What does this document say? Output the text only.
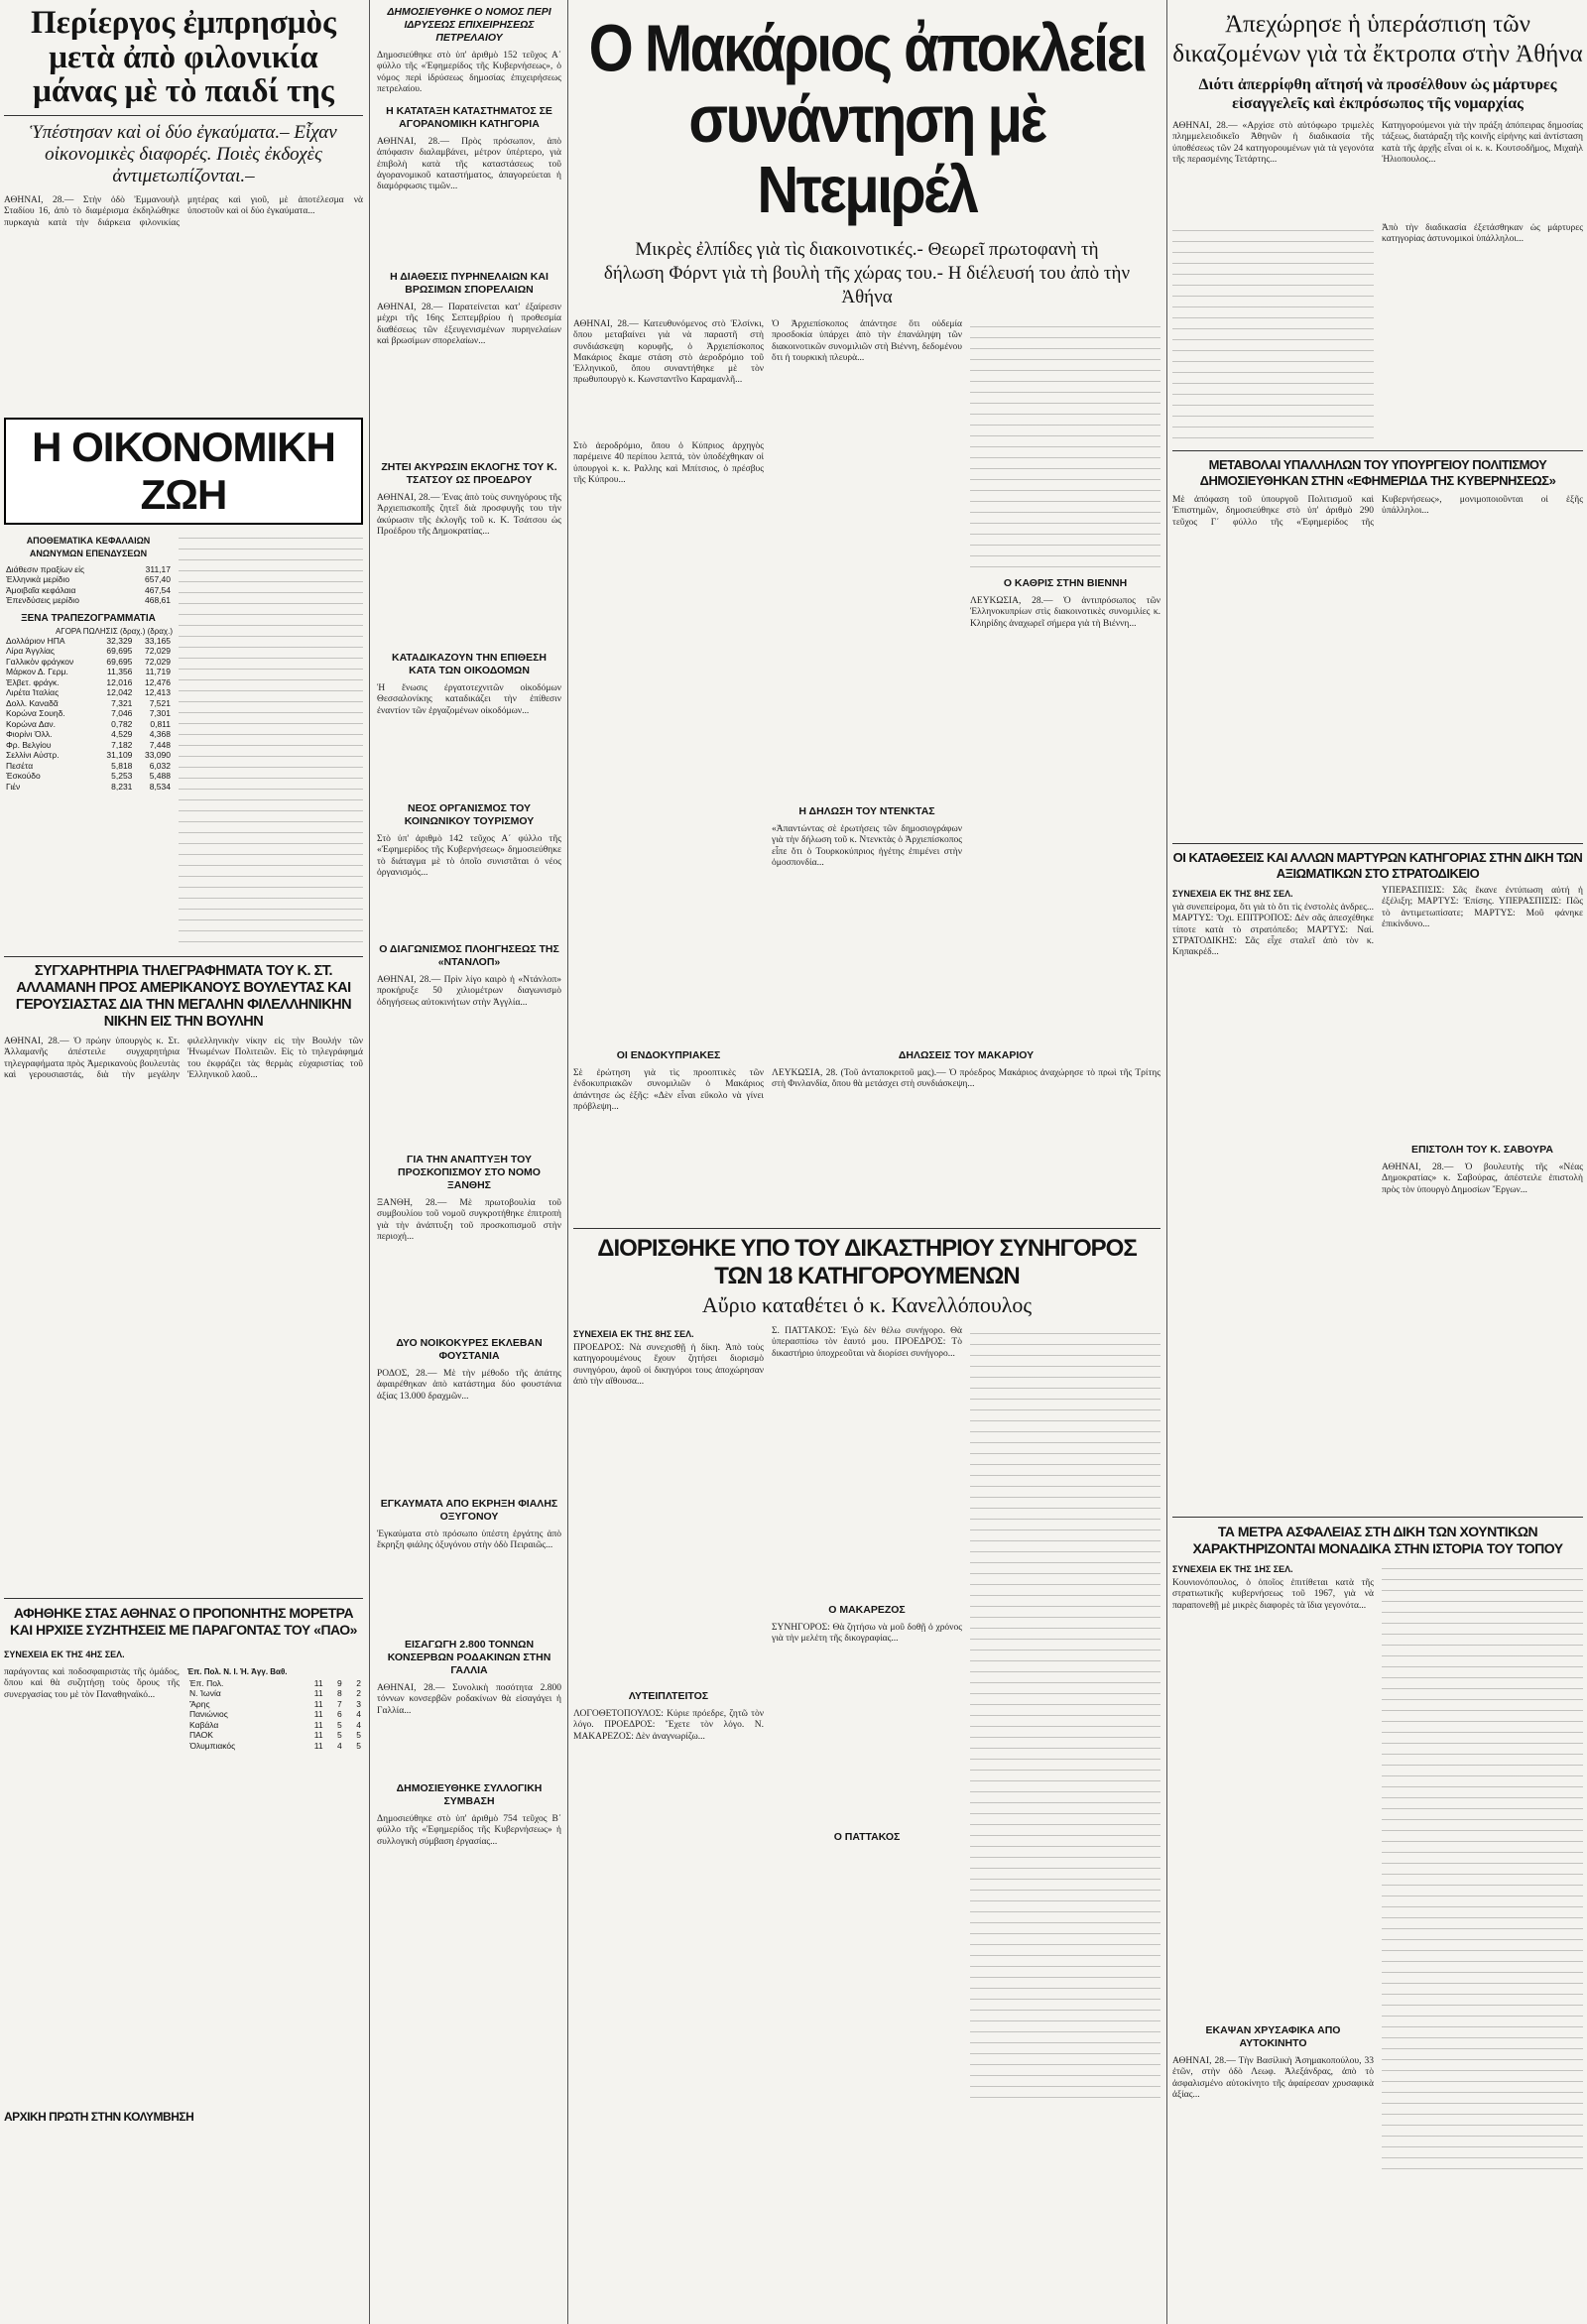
Περίεργος ἐμπρησμὸς μετὰ ἀπὸ φιλονικία μάνας μὲ τὸ παιδί της
Ὑπέστησαν καὶ οἱ δύο ἐγκαύματα.– Εἶχαν οἰκονομικὲς διαφορές. Ποιὲς ἐκδοχὲς ἀντιμετωπίζονται.–
ΑΘΗΝΑΙ, 28.— Στὴν ὁδὸ Ἐμμανουὴλ Σταδίου 16, ἀπὸ τὸ διαμέρισμα ἐκδηλώθηκε πυρκαγιὰ κατὰ τὴν διάρκεια φιλονικίας μητέρας καὶ γιοῦ, μὲ ἀποτέλεσμα νὰ ὑποστοῦν καὶ οἱ δύο ἐγκαύματα...
Η ΟΙΚΟΝΟΜΙΚΗ ΖΩΗ
ΑΠΟΘΕΜΑΤΙΚΑ ΚΕΦΑΛΑΙΩΝ ΑΝΩΝΥΜΩΝ ΕΠΕΝΔΥΣΕΩΝ
Διάθεσιν πραξίων εἰς	311,17
Ἑλληνικὰ μερίδιο	657,40
Ἀμοιβαῖα κεφάλαια	467,54
Ἐπενδύσεις μερίδιο	468,61
ΞΕΝΑ ΤΡΑΠΕΖΟΓΡΑΜΜΑΤΙΑ
ΑΓΟΡΑ ΠΩΛΗΣΙΣ (δραχ.) (δραχ.)
Δολλάριον ΗΠΑ	32,329	33,165
Λίρα Ἀγγλίας	69,695	72,029
Γαλλικὸν φράγκον	69,695	72,029
Μάρκον Δ. Γερμ.	11,356	11,719
Ἑλβετ. φράγκ.	12,016	12,476
Λιρέτα Ἰταλίας	12,042	12,413
Δολλ. Καναδᾶ	7,321	7,521
Κορώνα Σουηδ.	7,046	7,301
Κορώνα Δαν.	0,782	0,811
Φιορίνι Ὁλλ.	4,529	4,368
Φρ. Βελγίου	7,182	7,448
Σελλίνι Αὐστρ.	31,109	33,090
Πεσέτα	5,818	6,032
Ἐσκούδο	5,253	5,488
Γιέν	8,231	8,534
ΣΥΓΧΑΡΗΤΗΡΙΑ ΤΗΛΕΓΡΑΦΗΜΑΤΑ ΤΟΥ Κ. ΣΤ. ΑΛΛΑΜΑΝΗ ΠΡΟΣ ΑΜΕΡΙΚΑΝΟΥΣ ΒΟΥΛΕΥΤΑΣ ΚΑΙ ΓΕΡΟΥΣΙΑΣΤΑΣ ΔΙΑ ΤΗΝ ΜΕΓΑΛΗΝ ΦΙΛΕΛΛΗΝΙΚΗΝ ΝΙΚΗΝ ΕΙΣ ΤΗΝ ΒΟΥΛΗΝ
ΑΘΗΝΑΙ, 28.— Ὁ πρώην ὑπουργὸς κ. Στ. Ἀλλαμανῆς ἀπέστειλε συγχαρητήρια τηλεγραφήματα πρὸς Ἀμερικανοὺς βουλευτὰς καὶ γερουσιαστάς, διὰ τὴν μεγάλην φιλελληνικὴν νίκην εἰς τὴν Βουλήν τῶν Ἡνωμένων Πολιτειῶν. Εἰς τὸ τηλεγράφημά του ἐκφράζει τὰς θερμὰς εὐχαριστίας τοῦ Ἑλληνικοῦ λαοῦ...
ΑΦΗΘΗΚΕ ΣΤΑΣ ΑΘΗΝΑΣ Ο ΠΡΟΠΟΝΗΤΗΣ ΜΟΡΕΤΡΑ ΚΑΙ ΗΡΧΙΣΕ ΣΥΖΗΤΗΣΕΙΣ ΜΕ ΠΑΡΑΓΟΝΤΑΣ ΤΟΥ «ΠΑΟ»
ΣΥΝΕΧΕΙΑ ΕΚ ΤΗΣ 4ΗΣ ΣΕΛ.
παράγοντας καὶ ποδοσφαιριστὰς τῆς ὁμάδος, ὅπου καὶ θὰ συζητήσῃ τοὺς ὅρους τῆς συνεργασίας του μὲ τὸν Παναθηναϊκό...
Ἐπ. Πολ. Ν. Ι. Ἡ. Ἀγγ. Βαθ.
Ἐπ. Πολ.	11	9	2
Ν. Ἰωνία	11	8	2
Ἄρης	11	7	3
Πανιώνιος	11	6	4
Καβάλα	11	5	4
ΠΑΟΚ	11	5	5
Ὀλυμπιακός	11	4	5
ΑΡΧΙΚΗ ΠΡΩΤΗ ΣΤΗΝ ΚΟΛΥΜΒΗΣΗ
ΔΗΜΟΣΙΕΥΘΗΚΕ Ο ΝΟΜΟΣ ΠΕΡΙ ΙΔΡΥΣΕΩΣ ΕΠΙΧΕΙΡΗΣΕΩΣ ΠΕΤΡΕΛΑΙΟΥ
Δημοσιεύθηκε στὸ ὑπ' ἀριθμὸ 152 τεῦχος Α΄ φύλλο τῆς «Ἐφημερίδος τῆς Κυβερνήσεως», ὁ νόμος περὶ ἱδρύσεως δημοσίας ἐπιχειρήσεως πετρελαίου.
Η ΚΑΤΑΤΑΞΗ ΚΑΤΑΣΤΗΜΑΤΟΣ ΣΕ ΑΓΟΡΑΝΟΜΙΚΗ ΚΑΤΗΓΟΡΙΑ
ΑΘΗΝΑΙ, 28.— Πρὸς πρόσωπον, ἀπὸ ἀπόφασιν διαλαμβάνει, μέτρον ὑπέρτερο, γιὰ ἐπιβολὴ κατὰ τῆς καταστάσεως τοῦ ἀγορανομικοῦ καταστήματος, ἀπαγορεύεται ἡ διαμόρφωσις τιμῶν...
Η ΔΙΑΘΕΣΙΣ ΠΥΡΗΝΕΛΑΙΩΝ ΚΑΙ ΒΡΩΣΙΜΩΝ ΣΠΟΡΕΛΑΙΩΝ
ΑΘΗΝΑΙ, 28.— Παρατείνεται κατ' ἐξαίρεσιν μέχρι τῆς 16ης Σεπτεμβρίου ἡ προθεσμία διαθέσεως τῶν ἐξευγενισμένων πυρηνελαίων καὶ βρωσίμων σπορελαίων...
ΖΗΤΕΙ ΑΚΥΡΩΣΙΝ ΕΚΛΟΓΗΣ ΤΟΥ Κ. ΤΣΑΤΣΟΥ ΩΣ ΠΡΟΕΔΡΟΥ
ΑΘΗΝΑΙ, 28.— Ἐνας ἀπὸ τοὺς συνηγόρους τῆς Ἀρχιεπισκοπῆς ζητεῖ διὰ προσφυγῆς του τὴν ἀκύρωσιν τῆς ἐκλογῆς τοῦ κ. Κ. Τσάτσου ὡς Προέδρου τῆς Δημοκρατίας...
ΚΑΤΑΔΙΚΑΖΟΥΝ ΤΗΝ ΕΠΙΘΕΣΗ ΚΑΤΑ ΤΩΝ ΟΙΚΟΔΟΜΩΝ
Ἡ ἕνωσις ἐργατοτεχνιτῶν οἰκοδόμων Θεσσαλονίκης καταδικάζει τὴν ἐπίθεσιν ἐναντίον τῶν ἐργαζομένων οἰκοδόμων...
ΝΕΟΣ ΟΡΓΑΝΙΣΜΟΣ ΤΟΥ ΚΟΙΝΩΝΙΚΟΥ ΤΟΥΡΙΣΜΟΥ
Στὸ ὑπ' ἀριθμὸ 142 τεῦχος Α΄ φύλλο τῆς «Ἐφημερίδος τῆς Κυβερνήσεως» δημοσιεύθηκε τὸ διάταγμα μὲ τὸ ὁποῖο συνιστᾶται ὁ νέος ὀργανισμός...
Ο ΔΙΑΓΩΝΙΣΜΟΣ ΠΛΟΗΓΗΣΕΩΣ ΤΗΣ «ΝΤΑΝΛΟΠ»
ΑΘΗΝΑΙ, 28.— Πρὶν λίγο καιρὸ ἡ «Ντάνλοπ» προκήρυξε 50 χιλιομέτρων διαγωνισμὸ ὁδηγήσεως αὐτοκινήτων στὴν Ἀγγλία...
ΓΙΑ ΤΗΝ ΑΝΑΠΤΥΞΗ ΤΟΥ ΠΡΟΣΚΟΠΙΣΜΟΥ ΣΤΟ ΝΟΜΟ ΞΑΝΘΗΣ
ΞΑΝΘΗ, 28.— Μὲ πρωτοβουλία τοῦ συμβουλίου τοῦ νομοῦ συγκροτήθηκε ἐπιτροπὴ γιὰ τὴν ἀνάπτυξη τοῦ προσκοπισμοῦ στὴν περιοχή...
ΔΥΟ ΝΟΙΚΟΚΥΡΕΣ ΕΚΛΕΒΑΝ ΦΟΥΣΤΑΝΙΑ
ΡΟΔΟΣ, 28.— Μὲ τὴν μέθοδο τῆς ἀπάτης ἀφαιρέθηκαν ἀπὸ κατάστημα δύο φουστάνια ἀξίας 13.000 δραχμῶν...
ΕΓΚΑΥΜΑΤΑ ΑΠΟ ΕΚΡΗΞΗ ΦΙΑΛΗΣ ΟΞΥΓΟΝΟΥ
Ἐγκαύματα στὸ πρόσωπο ὑπέστη ἐργάτης ἀπὸ ἔκρηξη φιάλης ὀξυγόνου στὴν ὁδὸ Πειραιῶς...
ΕΙΣΑΓΩΓΗ 2.800 ΤΟΝΝΩΝ ΚΟΝΣΕΡΒΩΝ ΡΟΔΑΚΙΝΩΝ ΣΤΗΝ ΓΑΛΛΙΑ
ΑΘΗΝΑΙ, 28.— Συνολικὴ ποσότητα 2.800 τόννων κονσερβῶν ροδακίνων θὰ εἰσαγάγει ἡ Γαλλία...
ΔΗΜΟΣΙΕΥΘΗΚΕ ΣΥΛΛΟΓΙΚΗ ΣΥΜΒΑΣΗ
Δημοσιεύθηκε στὸ ὑπ' ἀριθμὸ 754 τεῦχος Β΄ φύλλο τῆς «Ἐφημερίδος τῆς Κυβερνήσεως» ἡ συλλογικὴ σύμβαση ἐργασίας...
Ο Μακάριος ἀποκλείει συνάντηση μὲ Ντεμιρέλ
Μικρὲς ἐλπίδες γιὰ τὶς διακοινοτικές.- Θεωρεῖ πρωτοφανὴ τὴ δήλωση Φόρντ γιὰ τὴ βουλὴ τῆς χώρας του.- Η διέλευσή του ἀπὸ τὴν Ἀθήνα
ΑΘΗΝΑΙ, 28.— Κατευθυνόμενος στὸ Ἑλσίνκι, ὅπου μεταβαίνει γιὰ νὰ παραστῆ στὴ συνδιάσκεψη κορυφῆς, ὁ Ἀρχιεπίσκοπος Μακάριος ἔκαμε στάση στὸ ἀεροδρόμιο τοῦ Ἑλληνικοῦ, ὅπου συναντήθηκε μὲ τὸν πρωθυπουργὸ κ. Κωνσταντῖνο Καραμανλῆ...
Στὸ ἀεροδρόμιο, ὅπου ὁ Κύπριος ἀρχηγὸς παρέμεινε 40 περίπου λεπτά, τὸν ὑποδέχθηκαν οἱ ὑπουργοὶ κ. κ. Ραλλης καὶ Μπίτσιος, ὁ πρέσβυς τῆς Κύπρου...
Ὁ Ἀρχιεπίσκοπος ἀπάντησε ὅτι οὐδεμία προσδοκία ὑπάρχει ἀπὸ τὴν ἐπανάληψη τῶν διακοινοτικῶν συνομιλιῶν στὴ Βιέννη, δεδομένου ὅτι ἡ τουρκικὴ πλευρὰ...
Η ΔΗΛΩΣΗ ΤΟΥ ΝΤΕΝΚΤΑΣ
«Ἀπαντώντας σὲ ἐρωτήσεις τῶν δημοσιογράφων γιὰ τὴν δήλωση τοῦ κ. Ντενκτὰς ὁ Ἀρχιεπίσκοπος εἶπε ὅτι ὁ Τουρκοκύπριος ἡγέτης ἐπιμένει στὴν ὁμοσπονδία...
Ο ΚΑΘΡΙΣ ΣΤΗΝ ΒΙΕΝΝΗ
ΛΕΥΚΩΣΙΑ, 28.— Ὁ ἀντιπρόσωπος τῶν Ἑλληνοκυπρίων στὶς διακοινοτικὲς συνομιλίες κ. Κληρίδης ἀναχωρεῖ σήμερα γιὰ τὴ Βιέννη...
ΟΙ ΕΝΔΟΚΥΠΡΙΑΚΕΣ
Σὲ ἐρώτηση γιὰ τὶς προοπτικὲς τῶν ἐνδοκυπριακῶν συνομιλιῶν ὁ Μακάριος ἀπάντησε ὡς ἑξῆς: «Δὲν εἶναι εὔκολο νὰ γίνει πρόβλεψη...
ΔΗΛΩΣΕΙΣ ΤΟΥ ΜΑΚΑΡΙΟΥ
ΛΕΥΚΩΣΙΑ, 28. (Τοῦ ἀνταποκριτοῦ μας).— Ὁ πρόεδρος Μακάριος ἀναχώρησε τὸ πρωὶ τῆς Τρίτης στὴ Φινλανδία, ὅπου θὰ μετάσχει στὴ συνδιάσκεψη...
ΔΙΟΡΙΣΘΗΚΕ ΥΠΟ ΤΟΥ ΔΙΚΑΣΤΗΡΙΟΥ ΣΥΝΗΓΟΡΟΣ ΤΩΝ 18 ΚΑΤΗΓΟΡΟΥΜΕΝΩΝ
Αὔριο καταθέτει ὁ κ. Κανελλόπουλος
ΣΥΝΕΧΕΙΑ ΕΚ ΤΗΣ 8ΗΣ ΣΕΛ.
ΠΡΟΕΔΡΟΣ: Νὰ συνεχισθῇ ἡ δίκη. Ἀπὸ τοὺς κατηγορουμένους ἔχουν ζητήσει διορισμὸ συνηγόρου, ἀφοῦ οἱ δικηγόροι τους ἀποχώρησαν ἀπὸ τὴν αἴθουσα...
ΛΥΤΕΙΠΛΤΕΙΤΟΣ
ΛΟΓΟΘΕΤΟΠΟΥΛΟΣ: Κύριε πρόεδρε, ζητῶ τὸν λόγο. ΠΡΟΕΔΡΟΣ: Ἔχετε τὸν λόγο. Ν. ΜΑΚΑΡΕΖΟΣ: Δὲν ἀναγνωρίζω...
Σ. ΠΑΤΤΑΚΟΣ: Ἐγὼ δὲν θέλω συνήγορο. Θὰ ὑπερασπίσω τὸν ἑαυτό μου. ΠΡΟΕΔΡΟΣ: Τὸ δικαστήριο ὑποχρεοῦται νὰ διορίσει συνήγορο...
Ο ΜΑΚΑΡΕΖΟΣ
ΣΥΝΗΓΟΡΟΣ: Θὰ ζητήσω νὰ μοῦ δοθῇ ὁ χρόνος γιὰ τὴν μελέτη τῆς δικογραφίας...
Ο ΠΑΤΤΑΚΟΣ
Ἀπεχώρησε ἡ ὑπεράσπιση τῶν δικαζομένων γιὰ τὰ ἔκτροπα στὴν Ἀθήνα
Διότι ἀπερρίφθη αἴτησή νὰ προσέλθουν ὡς μάρτυρες εἰσαγγελεῖς καὶ ἐκπρόσωπος τῆς νομαρχίας
ΑΘΗΝΑΙ, 28.— «Αρχίσε στὸ αὐτόφωρο τριμελὲς πλημμελειοδικεῖο Ἀθηνῶν ἡ διαδικασία τῆς ὑποθέσεως τῶν 24 κατηγορουμένων γιὰ τὰ γεγονότα τῆς περασμένης Τετάρτης...
Κατηγορούμενοι γιὰ τὴν πράξη ἀπόπειρας δημοσίας τάξεως, διατάραξη τῆς κοινῆς εἰρήνης καὶ ἀντίσταση κατὰ τῆς ἀρχῆς εἶναι οἱ κ. κ. Κουτσοδῆμος, Μιχαὴλ Ἠλιοπουλος...
Ἀπὸ τὴν διαδικασία ἐξετάσθηκαν ὡς μάρτυρες κατηγορίας ἀστυνομικοὶ ὑπάλληλοι...
ΜΕΤΑΒΟΛΑΙ ΥΠΑΛΛΗΛΩΝ ΤΟΥ ΥΠΟΥΡΓΕΙΟΥ ΠΟΛΙΤΙΣΜΟΥ ΔΗΜΟΣΙΕΥΘΗΚΑΝ ΣΤΗΝ «ΕΦΗΜΕΡΙΔΑ ΤΗΣ ΚΥΒΕΡΝΗΣΕΩΣ»
Μὲ ἀπόφαση τοῦ ὑπουργοῦ Πολιτισμοῦ καὶ Ἐπιστημῶν, δημοσιεύθηκε στὸ ὑπ' ἀριθμὸ 290 τεῦχος Γ΄ φύλλο τῆς «Ἐφημερίδος τῆς Κυβερνήσεως», μονιμοποιοῦνται οἱ ἑξῆς ὑπάλληλοι...
ΟΙ ΚΑΤΑΘΕΣΕΙΣ ΚΑΙ ΑΛΛΩΝ ΜΑΡΤΥΡΩΝ ΚΑΤΗΓΟΡΙΑΣ ΣΤΗΝ ΔΙΚΗ ΤΩΝ ΑΞΙΩΜΑΤΙΚΩΝ ΣΤΟ ΣΤΡΑΤΟΔΙΚΕΙΟ
ΣΥΝΕΧΕΙΑ ΕΚ ΤΗΣ 8ΗΣ ΣΕΛ.
γιὰ συνεπείρομα, ὅτι γιὰ τὸ ὅτι τὶς ἐνστολὲς ἀνδρες... ΜΑΡΤΥΣ: Ὄχι. ΕΠΙΤΡΟΠΟΣ: Δὲν σᾶς ἀπεσχέθηκε τίποτε κατὰ τὸ στρατόπεδο; ΜΑΡΤΥΣ: Ναί. ΣΤΡΑΤΟΔΙΚΗΣ: Σᾶς εἶχε σταλεῖ ἀπὸ τὸν κ. Κηπακρέδ...
ΥΠΕΡΑΣΠΙΣΙΣ: Σᾶς ἔκανε ἐντύπωση αὐτή ἡ ἐξέλιξη; ΜΑΡΤΥΣ: Ἐπίσης. ΥΠΕΡΑΣΠΙΣΙΣ: Πῶς τὸ ἀντιμετωπίσατε; ΜΑΡΤΥΣ: Μοῦ φάνηκε ἐπικίνδυνο...
ΕΠΙΣΤΟΛΗ ΤΟΥ Κ. ΣΑΒΟΥΡΑ
ΑΘΗΝΑΙ, 28.— Ὁ βουλευτὴς τῆς «Νέας Δημοκρατίας» κ. Σαβούρας, ἀπέστειλε ἐπιστολὴ πρὸς τὸν ὑπουργὸ Δημοσίων Ἔργων...
ΤΑ ΜΕΤΡΑ ΑΣΦΑΛΕΙΑΣ ΣΤΗ ΔΙΚΗ ΤΩΝ ΧΟΥΝΤΙΚΩΝ ΧΑΡΑΚΤΗΡΙΖΟΝΤΑΙ ΜΟΝΑΔΙΚΑ ΣΤΗΝ ΙΣΤΟΡΙΑ ΤΟΥ ΤΟΠΟΥ
ΣΥΝΕΧΕΙΑ ΕΚ ΤΗΣ 1ΗΣ ΣΕΛ.
Κουνιονόπουλος, ὁ ὁποῖος ἐπιτίθεται κατὰ τῆς στρατιωτικῆς κυβερνήσεως τοῦ 1967, γιὰ νὰ παραπονεθῇ μὲ μικρὲς διαφορὲς τὰ ἴδια γεγονότα...
ΕΚΑΨΑΝ ΧΡΥΣΑΦΙΚΑ ΑΠΟ ΑΥΤΟΚΙΝΗΤΟ
ΑΘΗΝΑΙ, 28.— Τὴν Βασίλικὴ Ἀσημακοπούλου, 33 ἐτῶν, στὴν ὁδὸ Λεωφ. Ἀλεξάνδρας, ἀπὸ τὸ ἀσφαλισμένο αὐτοκίνητο τῆς ἀφαίρεσαν χρυσαφικὰ ἀξίας...
